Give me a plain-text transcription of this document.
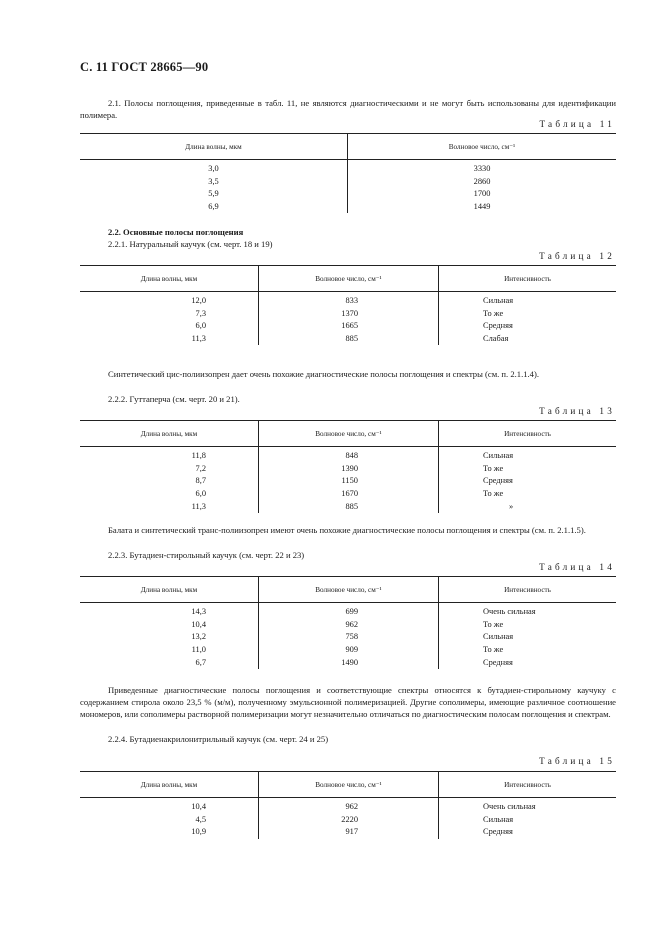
С. 11 ГОСТ 28665—90
2.1. Полосы поглощения, приведенные в табл. 11, не являются диагностическими и не могут быть использованы для идентификации полимера.
Таблица 11
Длина волны, мкм	Волновое число, см⁻¹
3,0	3330
3,5	2860
5,9	1700
6,9	1449
2.2. Основные полосы поглощения
2.2.1. Натуральный каучук (см. черт. 18 и 19)
Таблица 12
Длина волны, мкм	Волновое число, см⁻¹	Интенсивность
12,0	833	Сильная
7,3	1370	То же
6,0	1665	Средняя
11,3	885	Слабая
Синтетический цис-полиизопрен дает очень похожие диагностические полосы поглощения и спектры (см. п. 2.1.1.4).
2.2.2. Гуттаперча (см. черт. 20 и 21).
Таблица 13
Длина волны, мкм	Волновое число, см⁻¹	Интенсивность
11,8	848	Сильная
7,2	1390	То же
8,7	1150	Средняя
6,0	1670	То же
11,3	885	»
Балата и синтетический транс-полиизопрен имеют очень похожие диагностические полосы поглощения и спектры (см. п. 2.1.1.5).
2.2.3. Бутадиен-стирольный каучук (см. черт. 22 и 23)
Таблица 14
Длина волны, мкм	Волновое число, см⁻¹	Интенсивность
14,3	699	Очень сильная
10,4	962	То же
13,2	758	Сильная
11,0	909	То же
6,7	1490	Средняя
Приведенные диагностические полосы поглощения и соответствующие спектры относятся к бутадиен-стирольному каучуку с содержанием стирола около 23,5 % (м/м), полученному эмульсионной полимеризацией. Другие сополимеры, имеющие различное соотношение мономеров, или сополимеры растворной полимеризации могут незначительно отличаться по диагностическим полосам поглощения и спектрам.
2.2.4. Бутадиенакрилонитрильный каучук (см. черт. 24 и 25)
Таблица 15
Длина волны, мкм	Волновое число, см⁻¹	Интенсивность
10,4	962	Очень сильная
4,5	2220	Сильная
10,9	917	Средняя
